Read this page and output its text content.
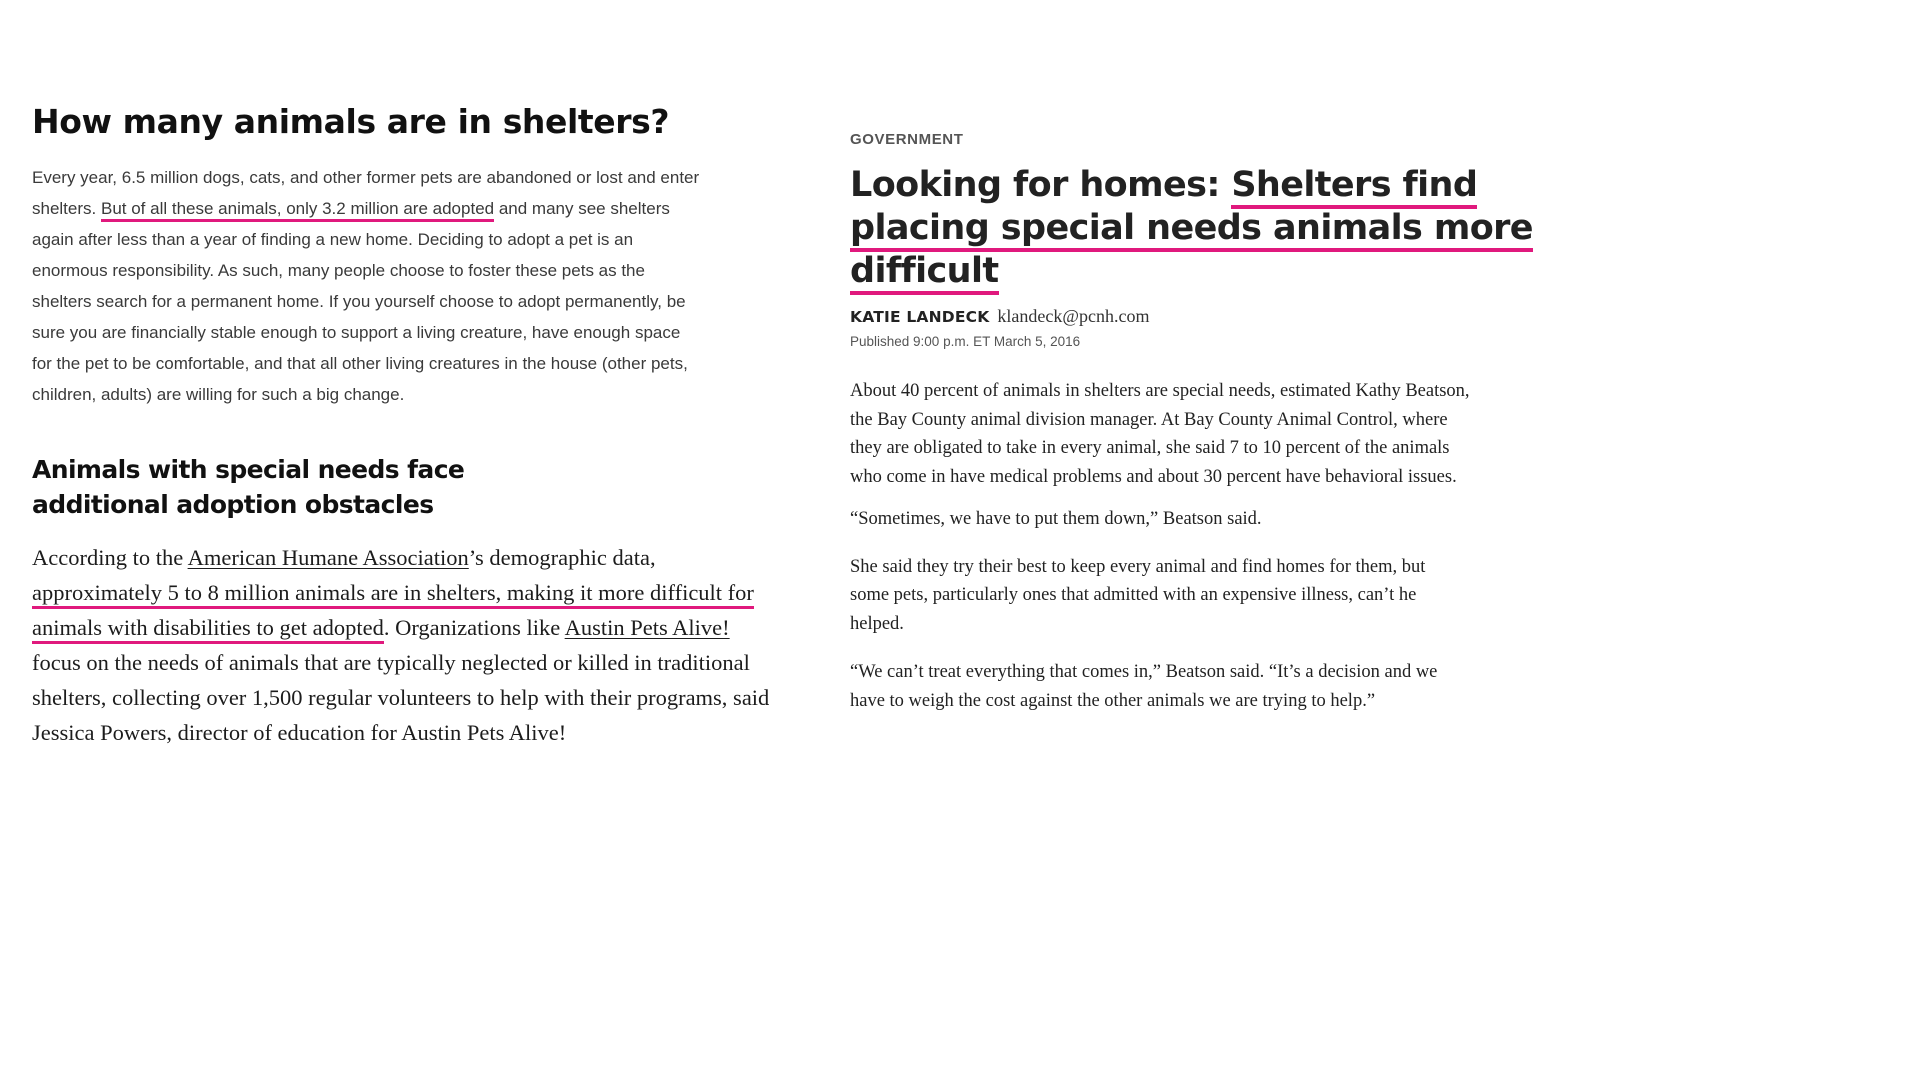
How many animals are in shelters?

Every year, 6.5 million dogs, cats, and other former pets are abandoned or lost and enter shelters. But of all these animals, only 3.2 million are adopted and many see shelters again after less than a year of finding a new home. Deciding to adopt a pet is an enormous responsibility. As such, many people choose to foster these pets as the shelters search for a permanent home. If you yourself choose to adopt permanently, be sure you are financially stable enough to support a living creature, have enough space for the pet to be comfortable, and that all other living creatures in the house (other pets, children, adults) are willing for such a big change.

Animals with special needs face additional adoption obstacles

According to the American Humane Association’s demographic data, approximately 5 to 8 million animals are in shelters, making it more difficult for animals with disabilities to get adopted. Organizations like Austin Pets Alive! focus on the needs of animals that are typically neglected or killed in traditional shelters, collecting over 1,500 regular volunteers to help with their programs, said Jessica Powers, director of education for Austin Pets Alive!

GOVERNMENT
Looking for homes: Shelters find placing special needs animals more difficult
KATIE LANDECK klandeck@pcnh.com
Published 9:00 p.m. ET March 5, 2016

About 40 percent of animals in shelters are special needs, estimated Kathy Beatson, the Bay County animal division manager. At Bay County Animal Control, where they are obligated to take in every animal, she said 7 to 10 percent of the animals who come in have medical problems and about 30 percent have behavioral issues.

“Sometimes, we have to put them down,” Beatson said.

She said they try their best to keep every animal and find homes for them, but some pets, particularly ones that admitted with an expensive illness, can’t he helped.

“We can’t treat everything that comes in,” Beatson said. “It’s a decision and we have to weigh the cost against the other animals we are trying to help.”
